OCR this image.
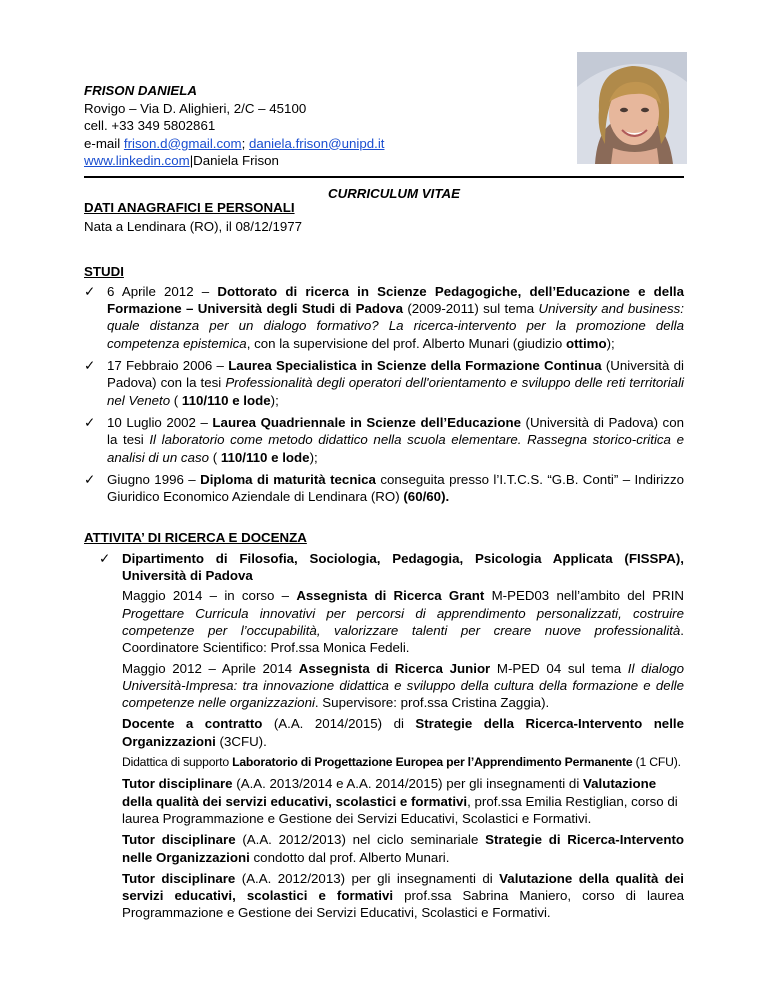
FRISON DANIELA
Rovigo – Via D. Alighieri, 2/C – 45100
cell. +33 349 5802861
e-mail frison.d@gmail.com; daniela.frison@unipd.it
www.linkedin.com|Daniela Frison
CURRICULUM VITAE

DATI ANAGRAFICI E PERSONALI

Nata a Lendinara (RO), il 08/12/1977

STUDI

✓ 6 Aprile 2012 – Dottorato di ricerca in Scienze Pedagogiche, dell’Educazione e della Formazione – Università degli Studi di Padova (2009-2011) sul tema University and business: quale distanza per un dialogo formativo? La ricerca-intervento per la promozione della competenza epistemica, con la supervisione del prof. Alberto Munari (giudizio ottimo);
✓ 17 Febbraio 2006 – Laurea Specialistica in Scienze della Formazione Continua (Università di Padova) con la tesi Professionalità degli operatori dell'orientamento e sviluppo delle reti territoriali nel Veneto ( 110/110 e lode);
✓ 10 Luglio 2002 – Laurea Quadriennale in Scienze dell’Educazione (Università di Padova) con la tesi Il laboratorio come metodo didattico nella scuola elementare. Rassegna storico-critica e analisi di un caso ( 110/110 e lode);
✓ Giugno 1996 – Diploma di maturità tecnica conseguita presso l’I.T.C.S. “G.B. Conti” – Indirizzo Giuridico Economico Aziendale di Lendinara (RO) (60/60).

ATTIVITA’ DI RICERCA E DOCENZA

✓ Dipartimento di Filosofia, Sociologia, Pedagogia, Psicologia Applicata (FISSPA), Università di Padova
Maggio 2014 – in corso – Assegnista di Ricerca Grant M-PED03 nell’ambito del PRIN Progettare Curricula innovativi per percorsi di apprendimento personalizzati, costruire competenze per l’occupabilità, valorizzare talenti per creare nuove professionalità. Coordinatore Scientifico: Prof.ssa Monica Fedeli.
Maggio 2012 – Aprile 2014 Assegnista di Ricerca Junior M-PED 04 sul tema Il dialogo Università-Impresa: tra innovazione didattica e sviluppo della cultura della formazione e delle competenze nelle organizzazioni. Supervisore: prof.ssa Cristina Zaggia).
Docente a contratto (A.A. 2014/2015) di Strategie della Ricerca-Intervento nelle Organizzazioni (3CFU).
Didattica di supporto Laboratorio di Progettazione Europea per l’Apprendimento Permanente (1 CFU).
Tutor disciplinare (A.A. 2013/2014 e A.A. 2014/2015) per gli insegnamenti di Valutazione della qualità dei servizi educativi, scolastici e formativi, prof.ssa Emilia Restiglian, corso di laurea Programmazione e Gestione dei Servizi Educativi, Scolastici e Formativi.
Tutor disciplinare (A.A. 2012/2013) nel ciclo seminariale Strategie di Ricerca-Intervento nelle Organizzazioni condotto dal prof. Alberto Munari.
Tutor disciplinare (A.A. 2012/2013) per gli insegnamenti di Valutazione della qualità dei servizi educativi, scolastici e formativi prof.ssa Sabrina Maniero, corso di laurea Programmazione e Gestione dei Servizi Educativi, Scolastici e Formativi.
